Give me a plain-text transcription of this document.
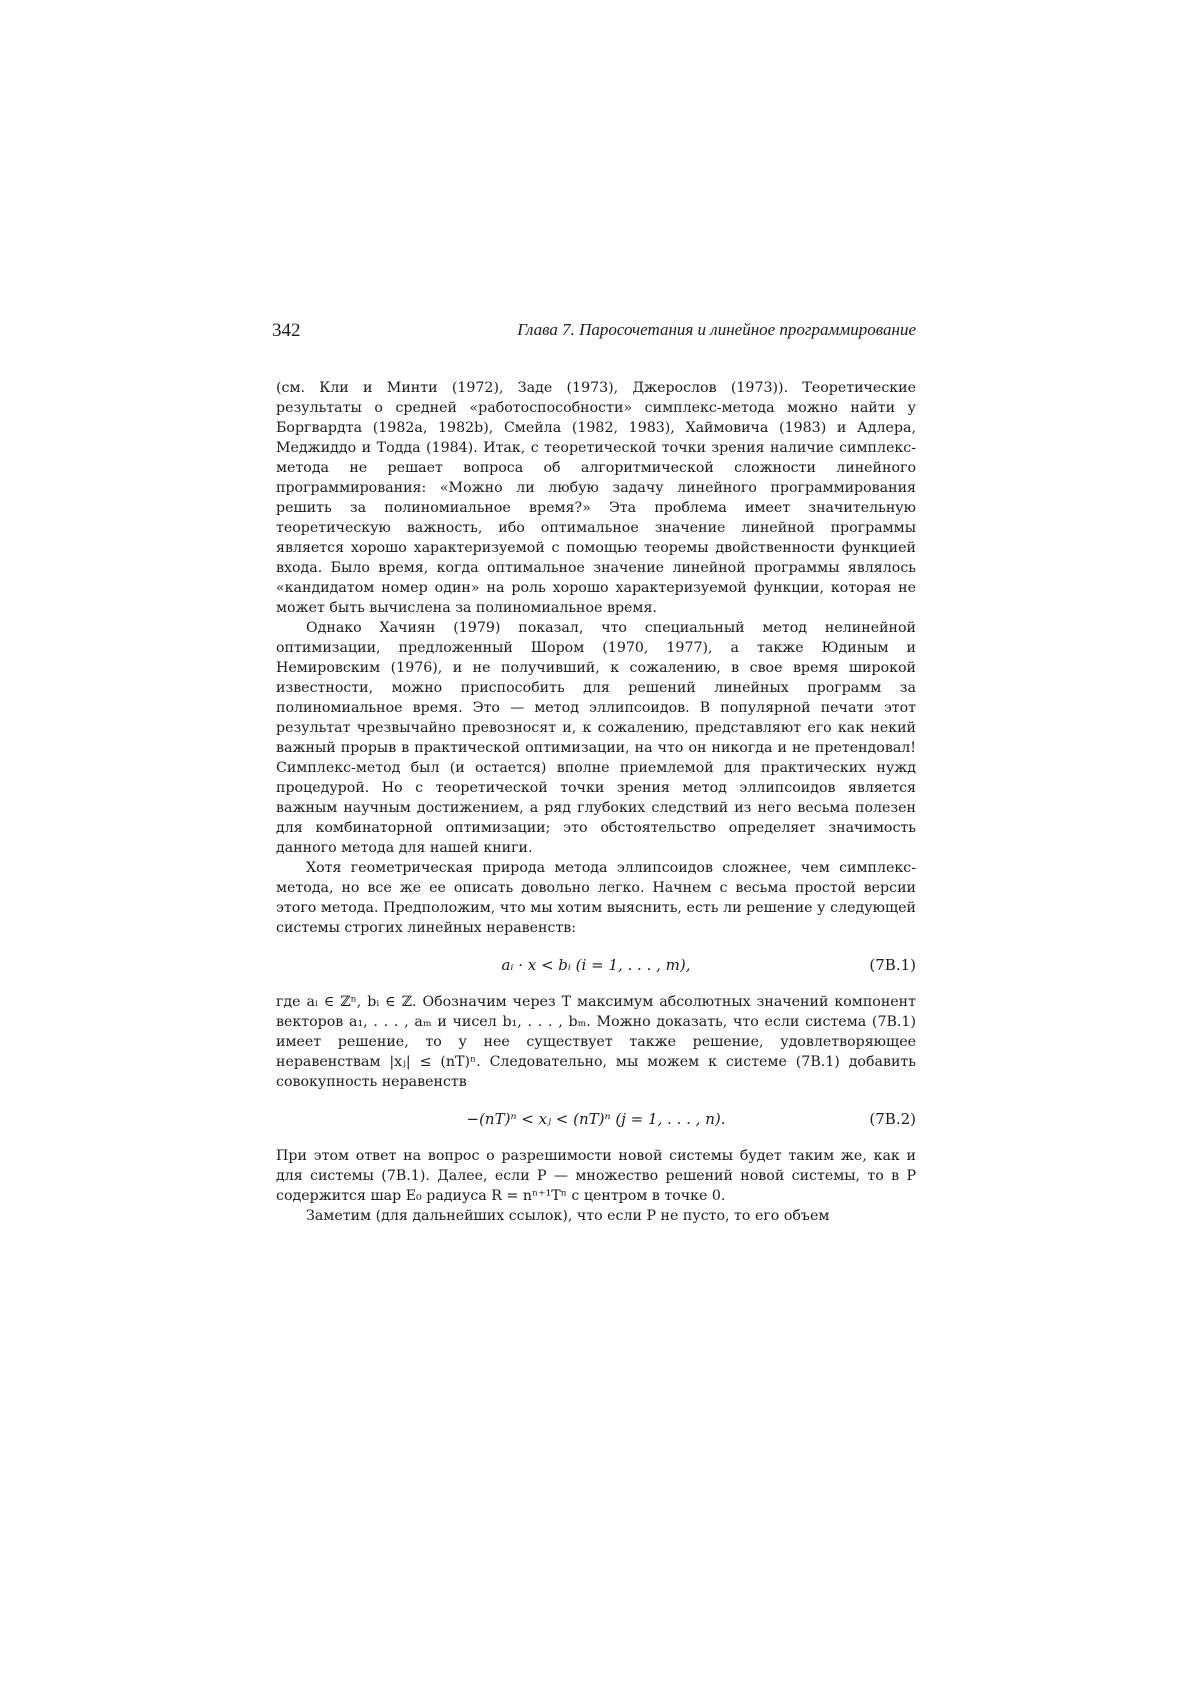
342	Глава 7. Паросочетания и линейное программирование

(см. Кли и Минти (1972), Заде (1973), Джерослов (1973)). Теоретические результаты о средней «работоспособности» симплекс-метода можно найти у Боргвардта (1982a, 1982b), Смейла (1982, 1983), Хаймовича (1983) и Адлера, Меджиддо и Тодда (1984). Итак, с теоретической точки зрения наличие симплекс-метода не решает вопроса об алгоритмической сложности линейного программирования: «Можно ли любую задачу линейного программирования решить за полиномиальное время?» Эта проблема имеет значительную теоретическую важность, ибо оптимальное значение линейной программы является хорошо характеризуемой с помощью теоремы двойственности функцией входа. Было время, когда оптимальное значение линейной программы являлось «кандидатом номер один» на роль хорошо характеризуемой функции, которая не может быть вычислена за полиномиальное время.

Однако Хачиян (1979) показал, что специальный метод нелинейной оптимизации, предложенный Шором (1970, 1977), а также Юдиным и Немировским (1976), и не получивший, к сожалению, в свое время широкой известности, можно приспособить для решений линейных программ за полиномиальное время. Это — метод эллипсоидов. В популярной печати этот результат чрезвычайно превозносят и, к сожалению, представляют его как некий важный прорыв в практической оптимизации, на что он никогда и не претендовал! Симплекс-метод был (и остается) вполне приемлемой для практических нужд процедурой. Но с теоретической точки зрения метод эллипсоидов является важным научным достижением, а ряд глубоких следствий из него весьма полезен для комбинаторной оптимизации; это обстоятельство определяет значимость данного метода для нашей книги.

Хотя геометрическая природа метода эллипсоидов сложнее, чем симплекс-метода, но все же ее описать довольно легко. Начнем с весьма простой версии этого метода. Предположим, что мы хотим выяснить, есть ли решение у следующей системы строгих линейных неравенств:

aᵢ · x < bᵢ (i = 1, . . . , m),	(7B.1)

где aᵢ ∈ ℤⁿ, bᵢ ∈ ℤ. Обозначим через T максимум абсолютных значений компонент векторов a₁, . . . , aₘ и чисел b₁, . . . , bₘ. Можно доказать, что если система (7B.1) имеет решение, то у нее существует также решение, удовлетворяющее неравенствам |xⱼ| ≤ (nT)ⁿ. Следовательно, мы можем к системе (7B.1) добавить совокупность неравенств

−(nT)ⁿ < xⱼ < (nT)ⁿ (j = 1, . . . , n).	(7B.2)

При этом ответ на вопрос о разрешимости новой системы будет таким же, как и для системы (7B.1). Далее, если P — множество решений новой системы, то в P содержится шар E₀ радиуса R = nⁿ⁺¹Tⁿ с центром в точке 0.

Заметим (для дальнейших ссылок), что если P не пусто, то его объем
